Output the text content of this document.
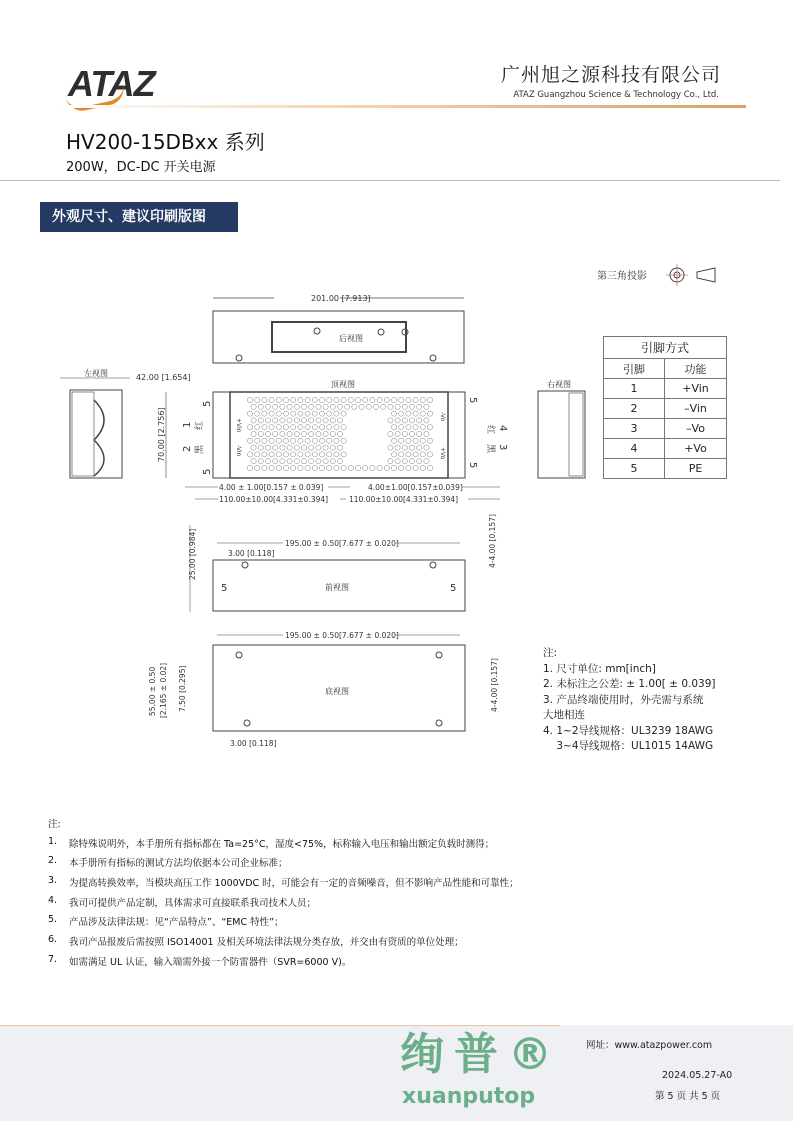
ATAZ	广州旭之源科技有限公司
ATAZ Guangzhou Science & Technology Co., Ltd.
HV200-15DBxx 系列
200W，DC-DC 开关电源
外观尺寸、建议印刷版图
第三角投影
后视图
201.00 [7.913]
左视图	42.00 [1.654]
顶视图
70.00 [2.756]
5
5
1 红
2 黑
+Vin
-Vin
-Vo
+Vo
5
5
红 4
黑 3
4.00 ± 1.00[0.157 ± 0.039]
110.00±10.00[4.331±0.394]
4.00±1.00[0.157±0.039]
110.00±10.00[4.331±0.394]
右视图
195.00 ± 0.50[7.677 ± 0.020]
3.00 [0.118]
前视图
5	5
25.00 [0.984]	4-4.00 [0.157]
195.00 ± 0.50[7.677 ± 0.020]
底视图
3.00 [0.118]
55.00 ± 0.50 [2.165 ± 0.02] 7.50 [0.295]	4-4.00 [0.157]
引脚方式	
引脚	功能
1	+Vin
2	–Vin
3	–Vo
4	+Vo
5	PE
注:
1. 尺寸单位: mm[inch]
2. 未标注之公差: ± 1.00[ ± 0.039]
3. 产品终端使用时，外壳需与系统
大地相连
4. 1~2导线规格：UL3239 18AWG
3~4导线规格：UL1015 14AWG
注:
1.	除特殊说明外，本手册所有指标都在 Ta=25°C，湿度<75%，标称输入电压和输出额定负载时测得；
2.	本手册所有指标的测试方法均依据本公司企业标准；
3.	为提高转换效率，当模块高压工作 1000VDC 时，可能会有一定的音频噪音，但不影响产品性能和可靠性；
4.	我司可提供产品定制，具体需求可直接联系我司技术人员；
5.	产品涉及法律法规：见“产品特点”、“EMC 特性”；
6.	我司产品报废后需按照 ISO14001 及相关环境法律法规分类存放，并交由有资质的单位处理；
7.	如需满足 UL 认证，输入端需外接一个防雷器件（SVR=6000 V)。
绚普®
xuanputop
网址：www.atazpower.com
2024.05.27-A0
第 5 页 共 5 页
